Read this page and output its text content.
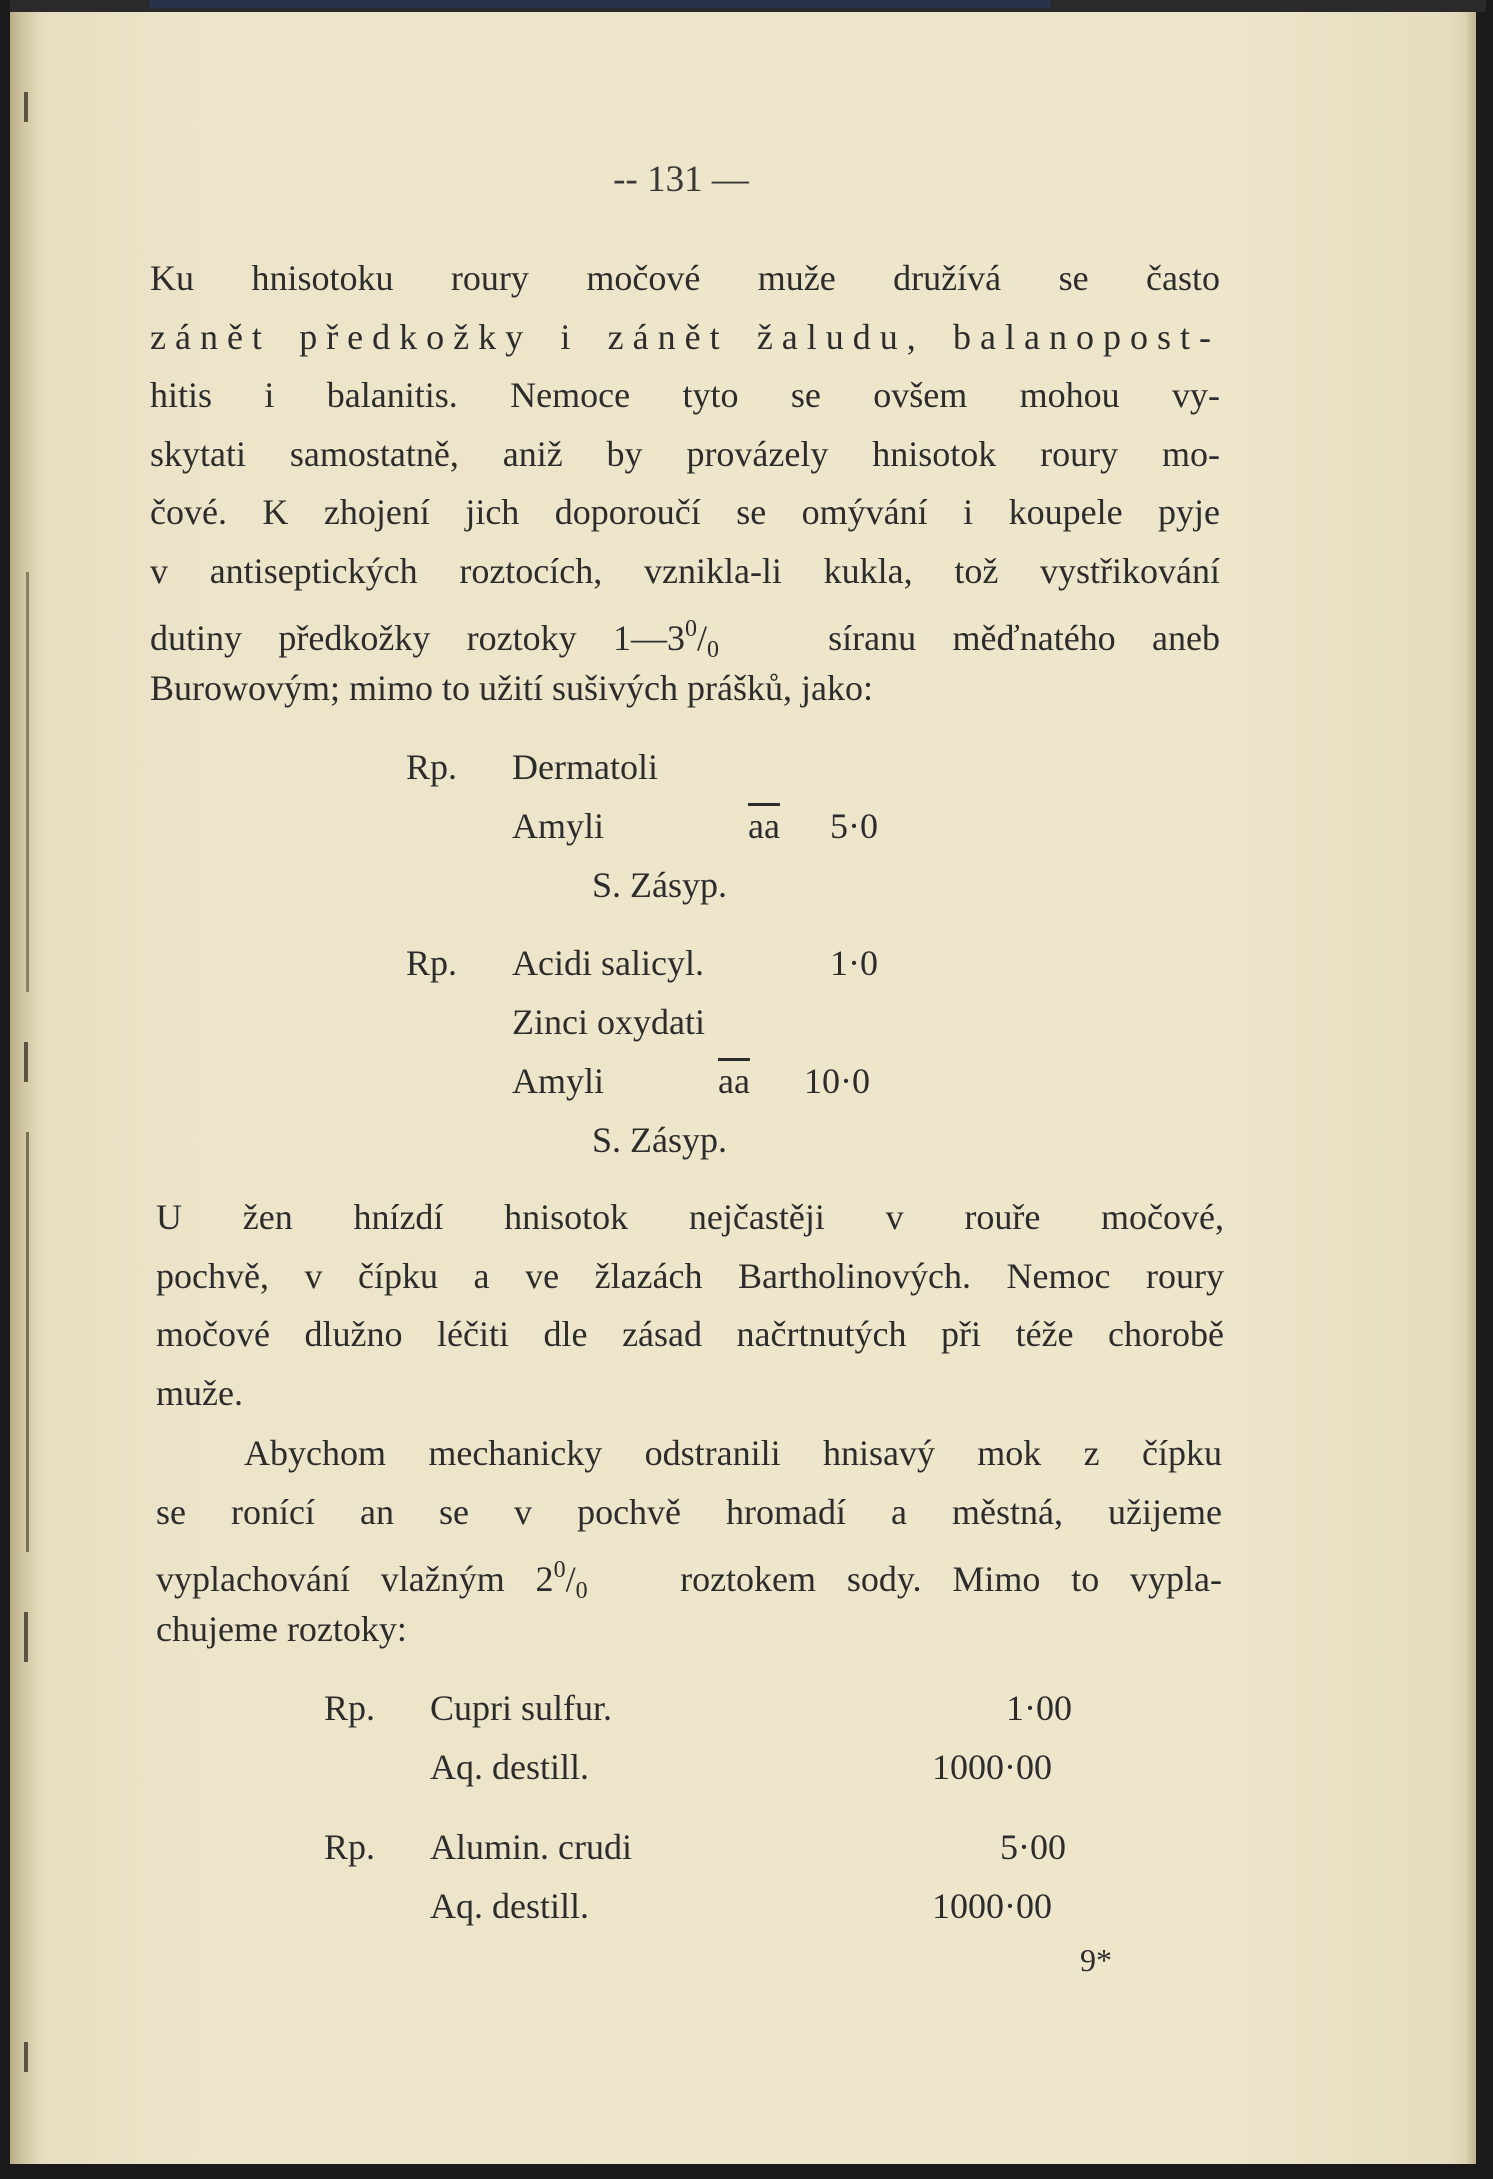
-- 131 —
Ku hnisotoku roury močové muže družívá se často
zánět předkožky i zánět žaludu, balanopost-
hitis i balanitis. Nemoce tyto se ovšem mohou vy-
skytati samostatně, aniž by provázely hnisotok roury mo-
čové. K zhojení jich doporoučí se omývání i koupele pyje
v antiseptických roztocích, vznikla-li kukla, tož vystřikování
dutiny předkožky roztoky $1—3^0/_0$	síranu měďnatého aneb
Burowovým; mimo to užití sušivých prášků, jako:
Rp. Dermatoli
Amyli	$\overline{aa}$ 5·0
S. Zásyp.
Rp. Acidi salicyl.	1·0
Zinci oxydati
Amyli	$\overline{aa}$ 10·0
S. Zásyp.
U žen hnízdí hnisotok nejčastěji v rouře močové,
pochvě, v čípku a ve žlazách Bartholinových. Nemoc roury
močové dlužno léčiti dle zásad načrtnutých při téže chorobě
muže.
Abychom mechanicky odstranili hnisavý mok z čípku
se ronící an se v pochvě hromadí a městná, užijeme
vyplachování vlažným $2^0/_0$	roztokem sody. Mimo to vypla-
chujeme roztoky:
Rp. Cupri sulfur.	1·00
Aq. destill.	1000·00
Rp. Alumin. crudi	5·00
Aq. destill.	1000·00
9*
